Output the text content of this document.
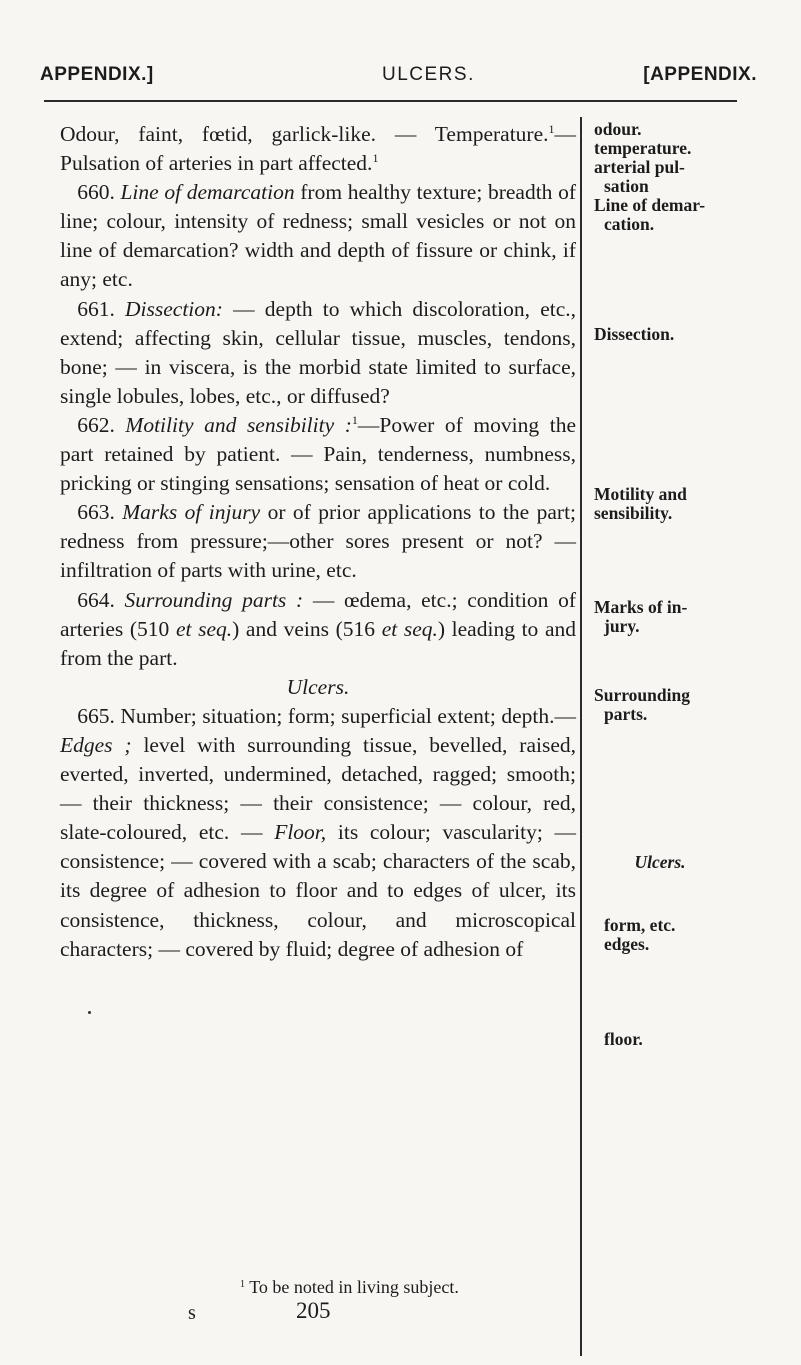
APPENDIX.]	ULCERS.	[APPENDIX.

Odour, faint, fœtid, garlick-like. — Temperature.$^1$— Pulsation of arteries in part affected.$^1$

660. Line of demarcation from healthy texture; breadth of line; colour, intensity of redness; small vesicles or not on line of demarcation? width and depth of fissure or chink, if any; etc.

661. Dissection: — depth to which discoloration, etc., extend; affecting skin, cellular tissue, muscles, tendons, bone; — in viscera, is the morbid state limited to surface, single lobules, lobes, etc., or diffused?

662. Motility and sensibility :$^1$—Power of moving the part retained by patient. — Pain, tenderness, numbness, pricking or stinging sensations; sensation of heat or cold.

663. Marks of injury or of prior applications to the part; redness from pressure;—other sores present or not? — infiltration of parts with urine, etc.

664. Surrounding parts : — œdema, etc.; condition of arteries (510 et seq.) and veins (516 et seq.) leading to and from the part.

Ulcers.

665. Number; situation; form; superficial extent; depth.—Edges ; level with surrounding tissue, bevelled, raised, everted, inverted, undermined, detached, ragged; smooth; — their thickness; — their consistence; — colour, red, slate-coloured, etc. — Floor, its colour; vascularity; — consistence; — covered with a scab; characters of the scab, its degree of adhesion to floor and to edges of ulcer, its consistence, thickness, colour, and microscopical characters; — covered by fluid; degree of adhesion of

odour.
temperature.
arterial pul-

sation
Line of demar-

cation.
Dissection.
Motility and
sensibility.
Marks of in-

jury.
Surrounding

parts.
Ulcers.
form, etc.
edges.
floor.
$^1$ To be noted in living subject.
s	205
